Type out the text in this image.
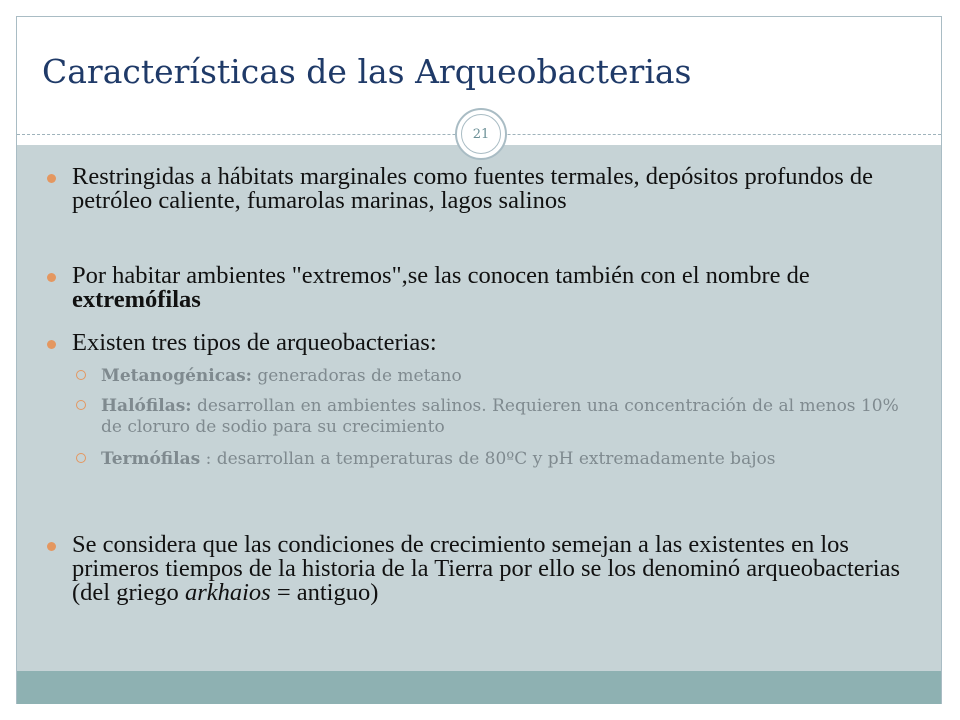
Características de las Arqueobacterias
21
Restringidas a hábitats marginales como fuentes termales, depósitos profundos de petróleo caliente, fumarolas marinas, lagos salinos
Por habitar ambientes "extremos",se las conocen también con el nombre de extremófilas
Existen tres tipos de arqueobacterias:
Metanogénicas: generadoras de metano
Halófilas: desarrollan en ambientes salinos. Requieren una concentración de al menos 10% de cloruro de sodio para su crecimiento
Termófilas : desarrollan a temperaturas de 80ºC y pH extremadamente bajos
Se considera que las condiciones de crecimiento semejan a las existentes en los primeros tiempos de la historia de la Tierra por ello se los denominó arqueobacterias (del griego arkhaios = antiguo)
